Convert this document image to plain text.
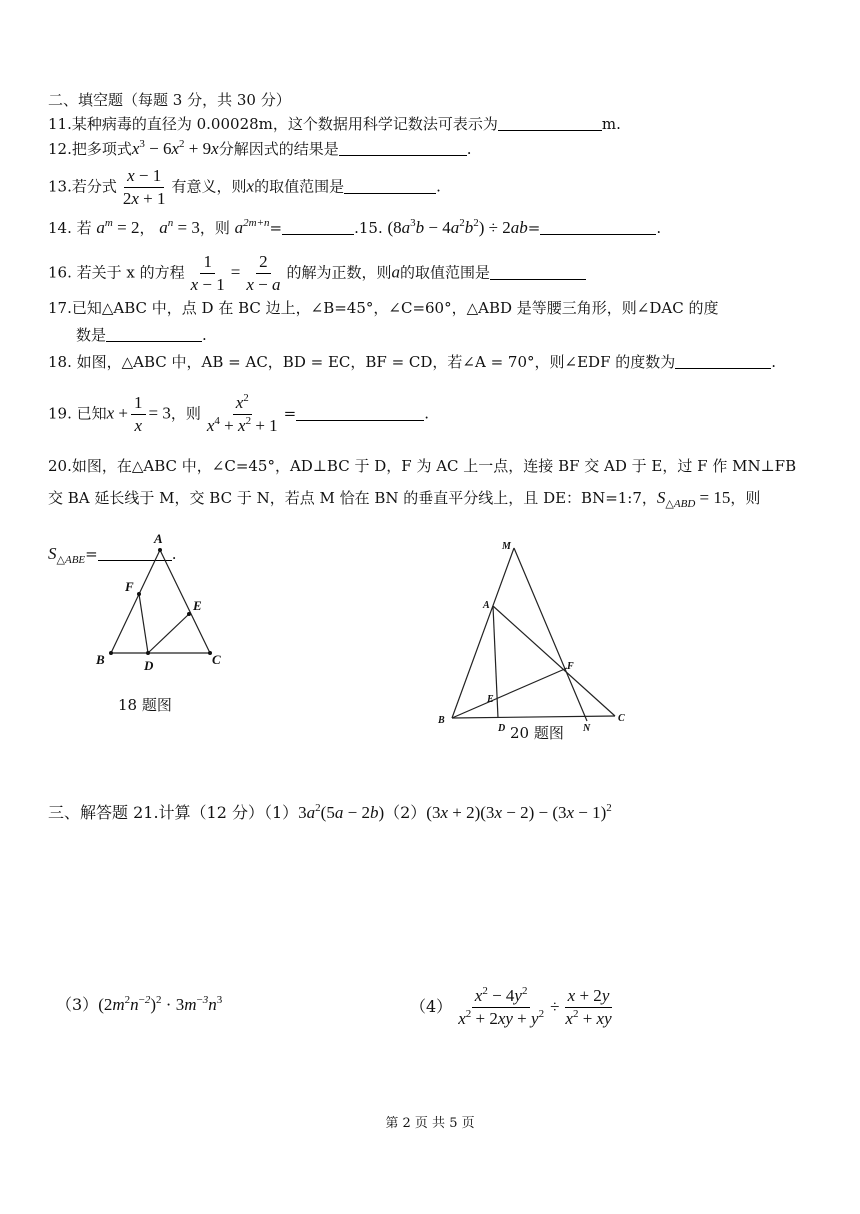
二、填空题（每题 3 分，共 30 分）
11.某种病毒的直径为 0.00028m，这个数据用科学记数法可表示为	m.
12.把多项式$x^3 - 6x^2 + 9x$分解因式的结果是	.
13.若分式 $\frac{x - 1}{2x + 1}$ 有意义，则x的取值范围是	.
14. 若 $a^m = 2$， $a^n = 3$，则 $a^{2m+n}=$	.15. $(8a^3b - 4a^2b^2) \div 2ab=$	.
16. 若关于 x 的方程 $\frac{1}{x - 1} = \frac{2}{x - a}$ 的解为正数，则a的取值范围是
17.已知△ABC 中，点 D 在 BC 边上，∠B=45°，∠C=60°，△ABD 是等腰三角形，则∠DAC 的度
数是	.
18. 如图，△ABC 中，AB = AC，BD = EC，BF = CD，若∠A = 70°，则∠EDF 的度数为	.
19. 已知$x + \frac{1}{x} = 3$，则 $\frac{x^2}{x^4 + x^2 + 1}$ =	.
20.如图，在△ABC 中，∠C=45°，AD⊥BC 于 D，F 为 AC 上一点，连接 BF 交 AD 于 E，过 F 作 MN⊥FB
交 BA 延长线于 M，交 BC 于 N，若点 M 恰在 BN 的垂直平分线上，且 DE：BN=1:7，$S_{\triangle ABD} = 15$，则
$S_{\triangle ABE}=$	.
A
F
E
B	D	C
18 题图
M
A
F
E
B
D	N
C
20 题图
三、解答题 21.计算（12 分）$(1)3a^2(5a - 2b)(2)(3x + 2)(3x - 2) - (3x - 1)^2$
$(3)(2m^2n^{-2})^2 \cdot 3m^{-3}n^3$	$(4) \frac{x^2 - 4y^2}{x^2 + 2xy + y^2} \div \frac{x + 2y}{x^2 + xy}$
第 2 页 共 5 页
